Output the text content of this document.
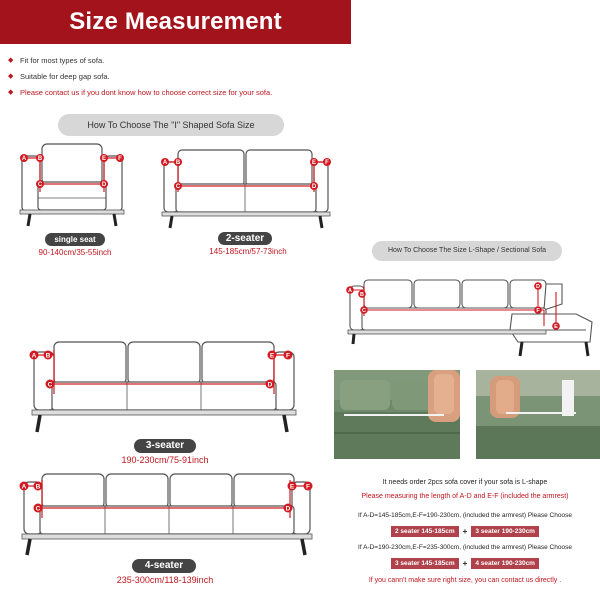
Size Measurement
◆ Fit for most types of sofa.
◆ Suitable for deep gap sofa.
◆ Please contact us if you dont know how to choose correct size for your sofa.
How To Choose The "I" Shaped Sofa Size
How To Choose The Size L-Shape / Sectional Sofa
A B
C	D
E F
single seat
90-140cm/35-55inch
A B
C	D
E F
2-seater
145-185cm/57-73inch
A B
C	D
E F
3-seater
190-230cm/75-91inch
A B
C	D
E F
4-seater
235-300cm/118-139inch
A
B
C
D
E
F
It needs order 2pcs sofa cover if your sofa is L-shape
Please measuring the length of A-D and E-F (included the armrest)
If A-D=145-185cm,E-F=190-230cm, (included the armrest) Please Choose
2 seater 145-185cm	+	3 seater 190-230cm
If A-D=190-230cm,E-F=235-300cm, (included the armrest) Please Choose
3 seater 145-185cm	+	4 seater 190-230cm
If you cann't make sure right size, you can contact us directly .
